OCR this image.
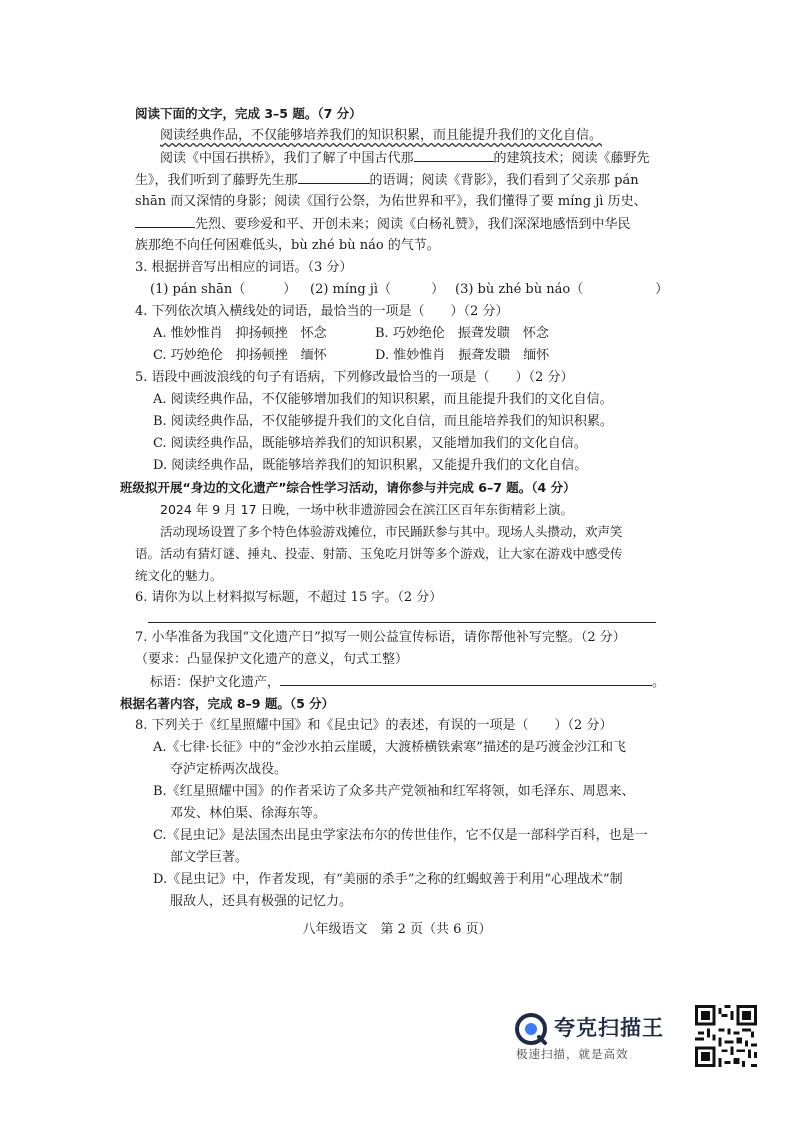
阅读下面的文字，完成 3–5 题。（7 分）
阅读经典作品，不仅能够培养我们的知识积累，而且能提升我们的文化自信。
阅读《中国石拱桥》，我们了解了中国古代那	的建筑技术；阅读《藤野先
生》，我们听到了藤野先生那	的语调；阅读《背影》，我们看到了父亲那 pán
shān 而又深情的身影；阅读《国行公祭，为佑世界和平》，我们懂得了要 míng jì 历史、
先烈、要珍爱和平、开创未来；阅读《白杨礼赞》，我们深深地感悟到中华民
族那绝不向任何困难低头，bù zhé bù náo 的气节。
3. 根据拼音写出相应的词语。（3 分）
(1) pán shān（	） (2) míng jì（	） (3) bù zhé bù náo（	）
4. 下列依次填入横线处的词语，最恰当的一项是（　　）（2 分）
A. 惟妙惟肖　抑扬顿挫　怀念	B. 巧妙绝伦　振聋发聩　怀念
C. 巧妙绝伦　抑扬顿挫　缅怀	D. 惟妙惟肖　振聋发聩　缅怀
5. 语段中画波浪线的句子有语病，下列修改最恰当的一项是（　　）（2 分）
A. 阅读经典作品，不仅能够增加我们的知识积累，而且能提升我们的文化自信。
B. 阅读经典作品，不仅能够提升我们的文化自信，而且能培养我们的知识积累。
C. 阅读经典作品，既能够培养我们的知识积累，又能增加我们的文化自信。
D. 阅读经典作品，既能够培养我们的知识积累，又能提升我们的文化自信。
班级拟开展“身边的文化遗产”综合性学习活动，请你参与并完成 6–7 题。（4 分）
2024 年 9 月 17 日晚，一场中秋非遗游园会在滨江区百年东街精彩上演。
活动现场设置了多个特色体验游戏摊位，市民踊跃参与其中。现场人头攒动，欢声笑
语。活动有猜灯谜、捶丸、投壶、射箭、玉兔吃月饼等多个游戏，让大家在游戏中感受传
统文化的魅力。
6. 请你为以上材料拟写标题，不超过 15 字。（2 分）
7. 小华准备为我国“文化遗产日”拟写一则公益宣传标语，请你帮他补写完整。（2 分）
（要求：凸显保护文化遗产的意义，句式工整）
标语：保护文化遗产，	。
根据名著内容，完成 8–9 题。（5 分）
8. 下列关于《红星照耀中国》和《昆虫记》的表述，有误的一项是（　　）（2 分）
A.《七律·长征》中的“金沙水拍云崖暖，大渡桥横铁索寒”描述的是巧渡金沙江和飞
夺泸定桥两次战役。
B.《红星照耀中国》的作者采访了众多共产党领袖和红军将领，如毛泽东、周恩来、
邓发、林伯渠、徐海东等。
C.《昆虫记》是法国杰出昆虫学家法布尔的传世佳作，它不仅是一部科学百科，也是一
部文学巨著。
D.《昆虫记》中，作者发现，有“美丽的杀手”之称的红蝎蚁善于利用“心理战术”制
服敌人，还具有极强的记忆力。
八年级语文　第 2 页（共 6 页）
夸克扫描王
极速扫描，就是高效
